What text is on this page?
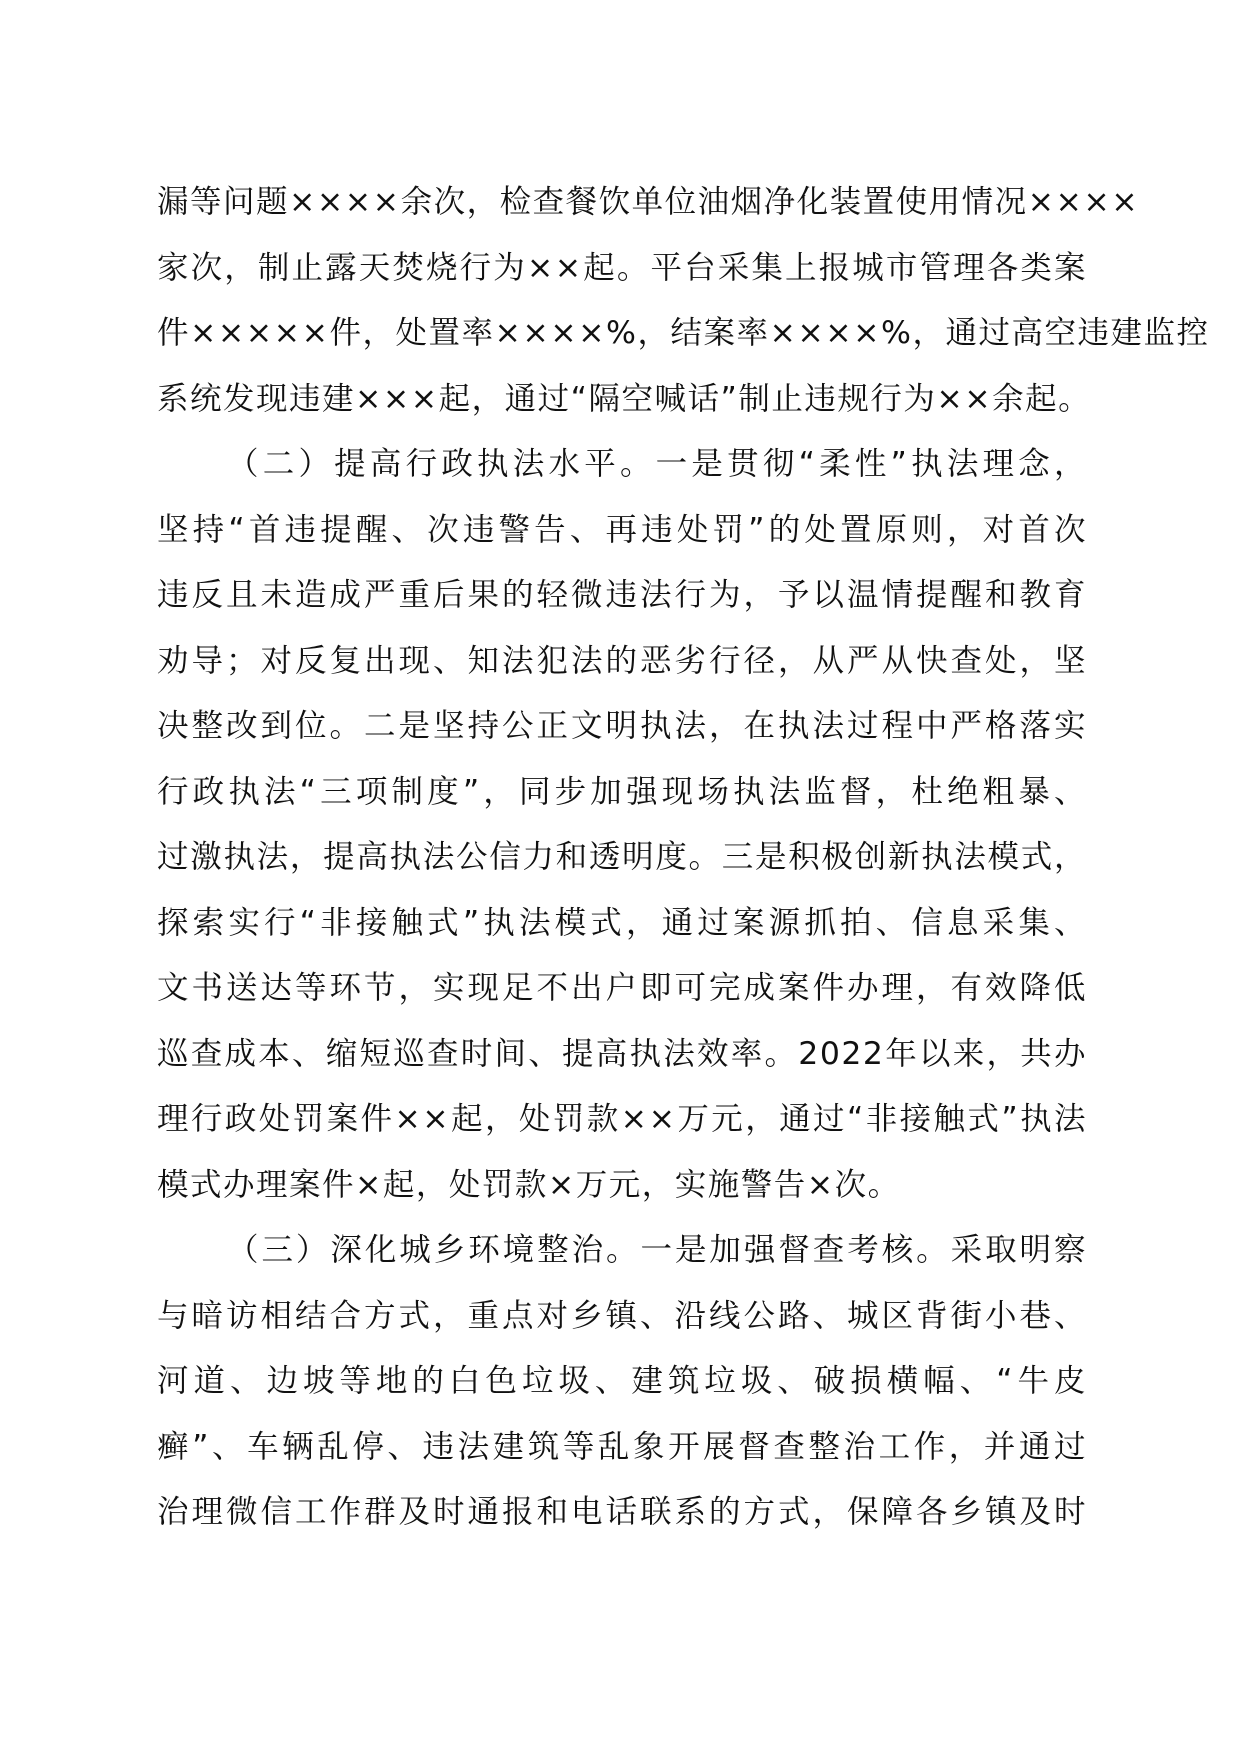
漏等问题××××余次，检查餐饮单位油烟净化装置使用情况××××
家次，制止露天焚烧行为××起。平台采集上报城市管理各类案
件×××××件，处置率××××%，结案率××××%，通过高空违建监控
系统发现违建×××起，通过“隔空喊话”制止违规行为××余起。
（二）提高行政执法水平。一是贯彻“柔性”执法理念，
坚持“首违提醒、次违警告、再违处罚”的处置原则，对首次
违反且未造成严重后果的轻微违法行为，予以温情提醒和教育
劝导；对反复出现、知法犯法的恶劣行径，从严从快查处，坚
决整改到位。二是坚持公正文明执法，在执法过程中严格落实
行政执法“三项制度”，同步加强现场执法监督，杜绝粗暴、
过激执法，提高执法公信力和透明度。三是积极创新执法模式，
探索实行“非接触式”执法模式，通过案源抓拍、信息采集、
文书送达等环节，实现足不出户即可完成案件办理，有效降低
巡查成本、缩短巡查时间、提高执法效率。2022年以来，共办
理行政处罚案件××起，处罚款××万元，通过“非接触式”执法
模式办理案件×起，处罚款×万元，实施警告×次。
（三）深化城乡环境整治。一是加强督查考核。采取明察
与暗访相结合方式，重点对乡镇、沿线公路、城区背街小巷、
河道、边坡等地的白色垃圾、建筑垃圾、破损横幅、“牛皮
癣”、车辆乱停、违法建筑等乱象开展督查整治工作，并通过
治理微信工作群及时通报和电话联系的方式，保障各乡镇及时
